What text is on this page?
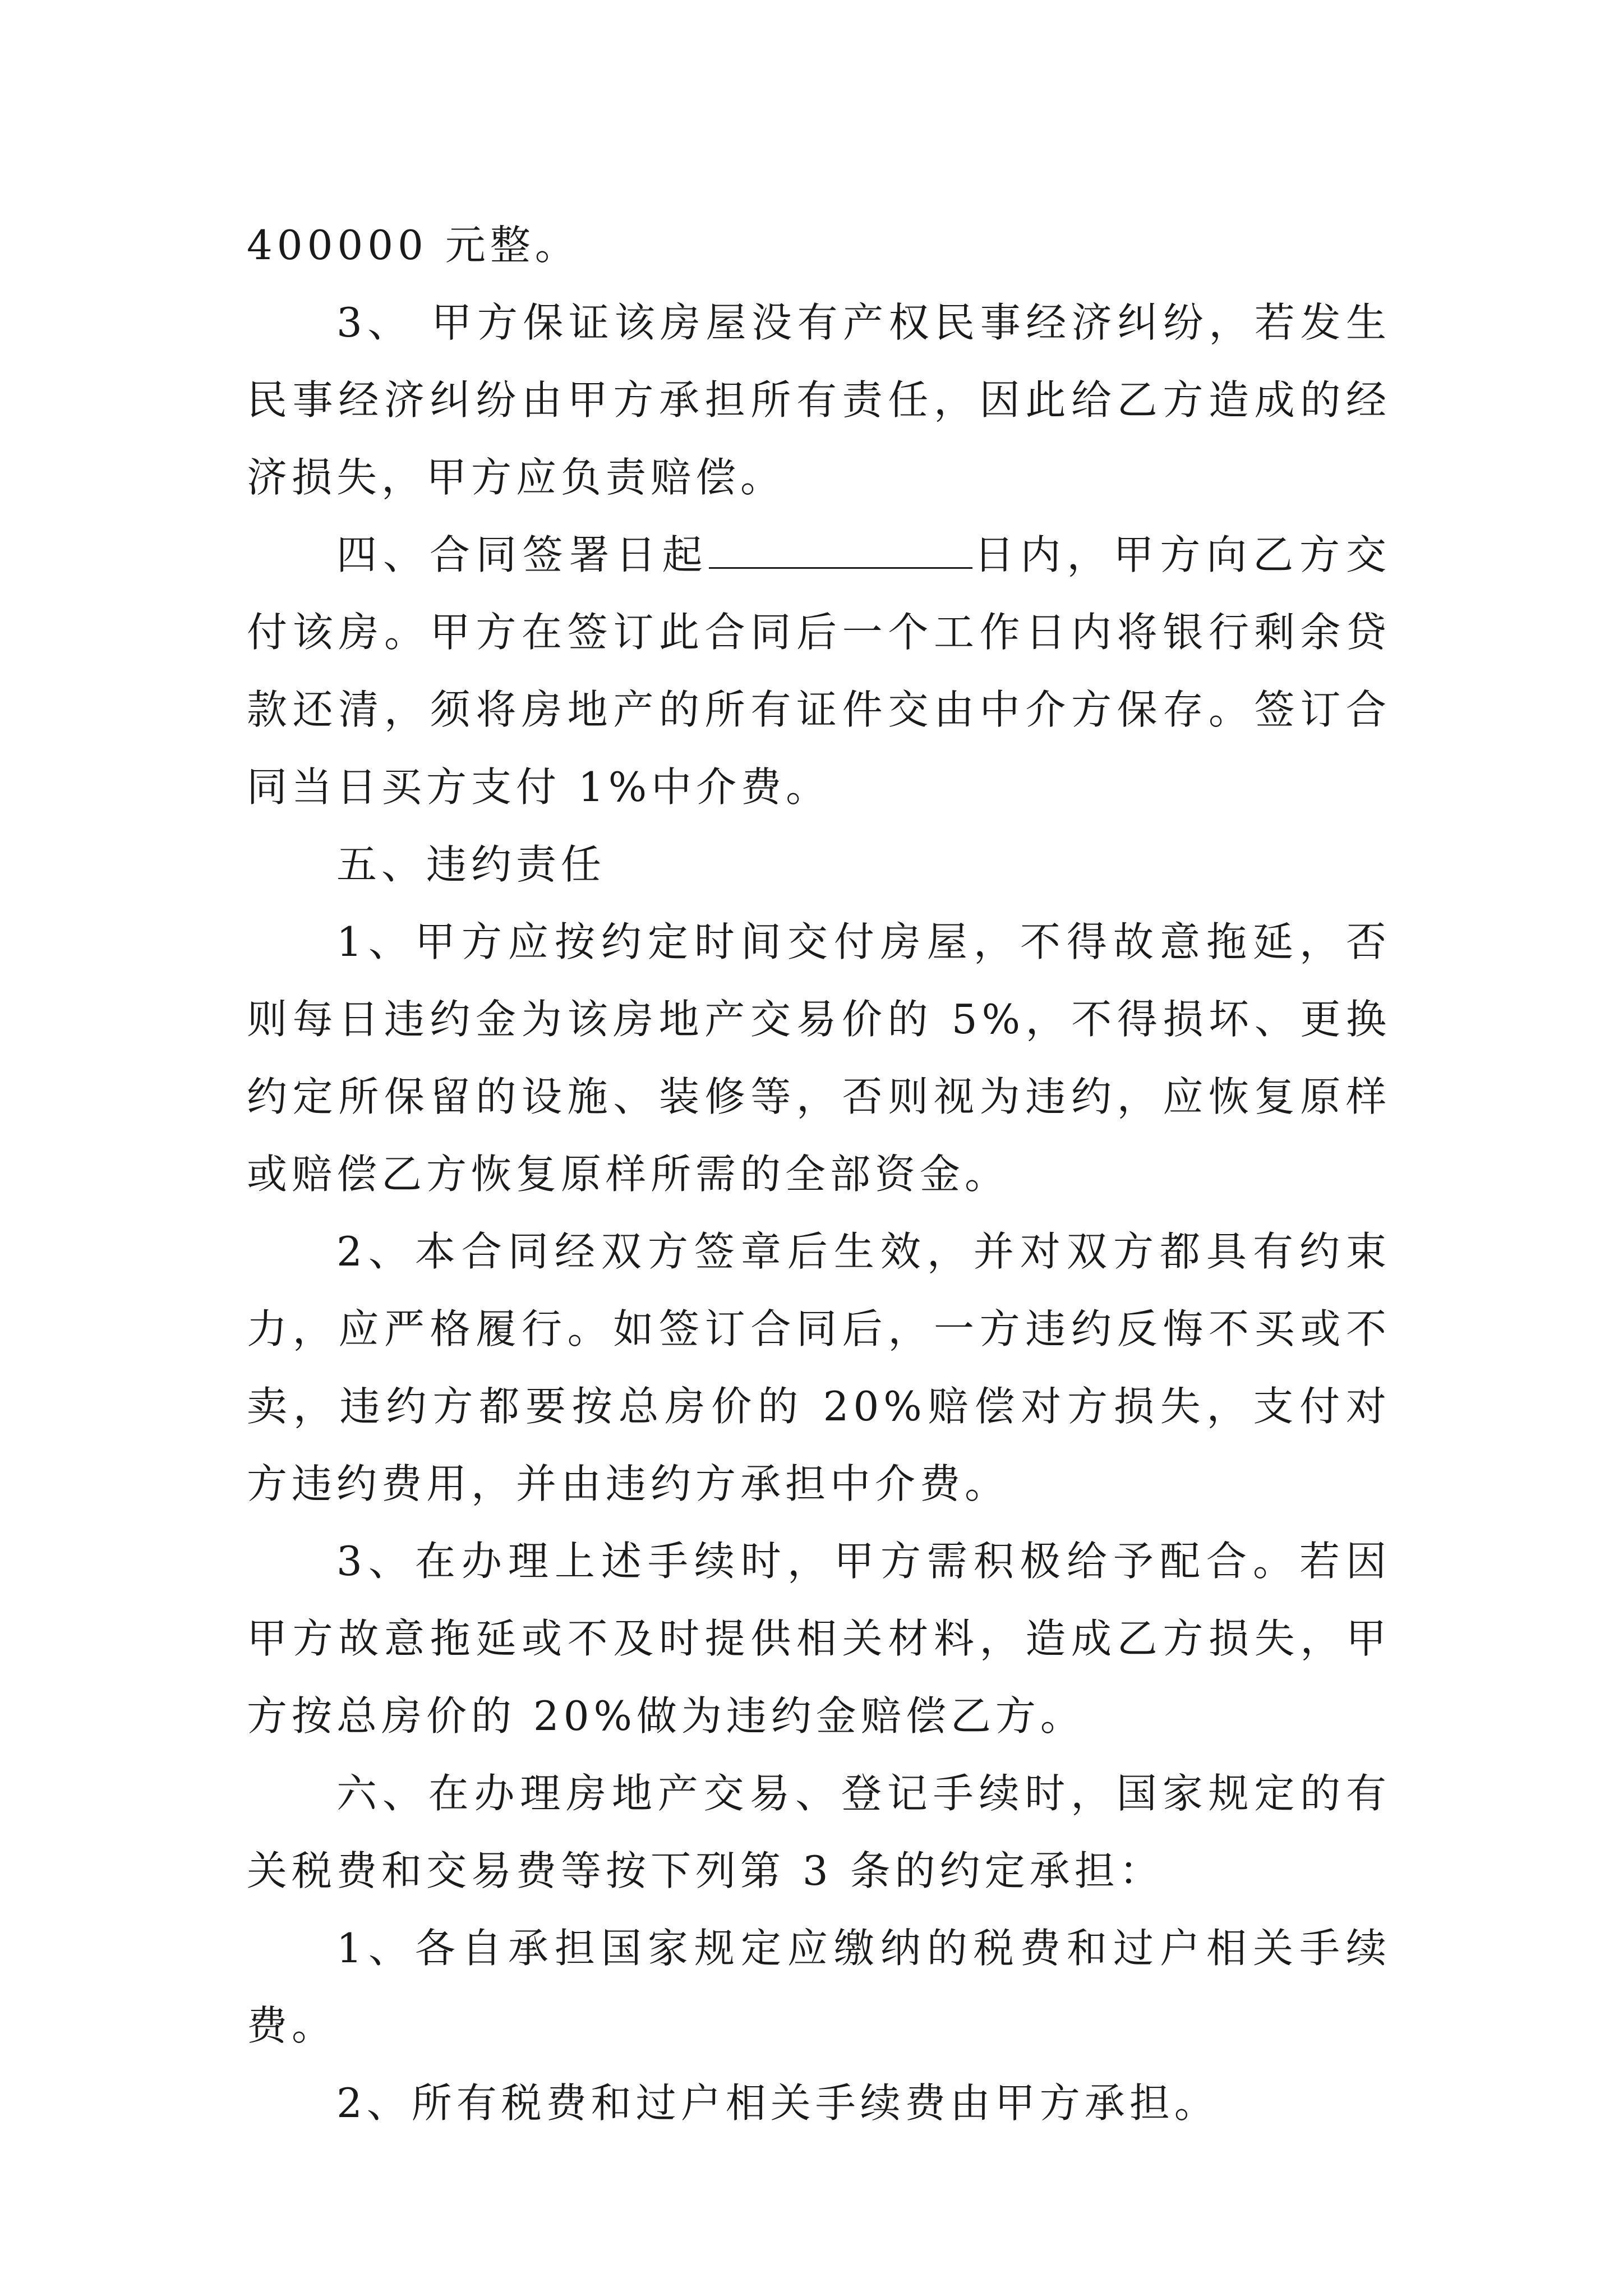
400000 元整。

3、 甲方保证该房屋没有产权民事经济纠纷，若发生民事经济纠纷由甲方承担所有责任，因此给乙方造成的经济损失，甲方应负责赔偿。

四、合同签署日起	日内，甲方向乙方交付该房。甲方在签订此合同后一个工作日内将银行剩余贷款还清，须将房地产的所有证件交由中介方保存。签订合同当日买方支付 1%中介费。

五、违约责任

1、甲方应按约定时间交付房屋，不得故意拖延，否则每日违约金为该房地产交易价的 5%，不得损坏、更换约定所保留的设施、装修等，否则视为违约，应恢复原样或赔偿乙方恢复原样所需的全部资金。

2、本合同经双方签章后生效，并对双方都具有约束力，应严格履行。如签订合同后，一方违约反悔不买或不卖，违约方都要按总房价的 20%赔偿对方损失，支付对方违约费用，并由违约方承担中介费。

3、在办理上述手续时，甲方需积极给予配合。若因甲方故意拖延或不及时提供相关材料，造成乙方损失，甲方按总房价的 20%做为违约金赔偿乙方。

六、在办理房地产交易、登记手续时，国家规定的有关税费和交易费等按下列第 3 条的约定承担：

1、各自承担国家规定应缴纳的税费和过户相关手续费。

2、所有税费和过户相关手续费由甲方承担。
